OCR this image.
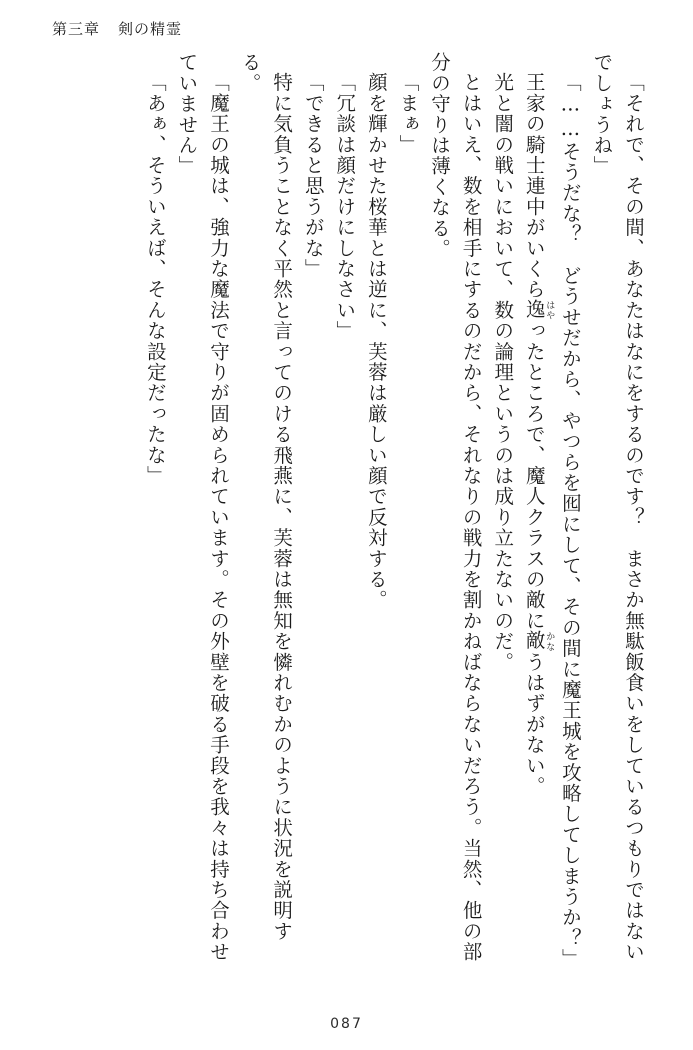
第三章 剣の精霊

「それで、その間、あなたはなにをするのです？　まさか無駄飯食いをしているつもりではないでしょうね」

「……そうだな？　どうせだから、やつらを囮にして、その間に魔王城を攻略してしまうか？」

王家の騎士連中がいくら逸はやったところで、魔人クラスの敵に敵かなうはずがない。

光と闇の戦いにおいて、数の論理というのは成り立たないのだ。

とはいえ、数を相手にするのだから、それなりの戦力を割かねばならないだろう。当然、他の部分の守りは薄くなる。

「まぁ」

顔を輝かせた桜華とは逆に、芙蓉は厳しい顔で反対する。

「冗談は顔だけにしなさい」

「できると思うがな」

特に気負うことなく平然と言ってのける飛燕に、芙蓉は無知を憐れむかのように状況を説明する。

「魔王の城は、強力な魔法で守りが固められています。その外壁を破る手段を我々は持ち合わせていません」

「あぁ、そういえば、そんな設定だったな」

087
